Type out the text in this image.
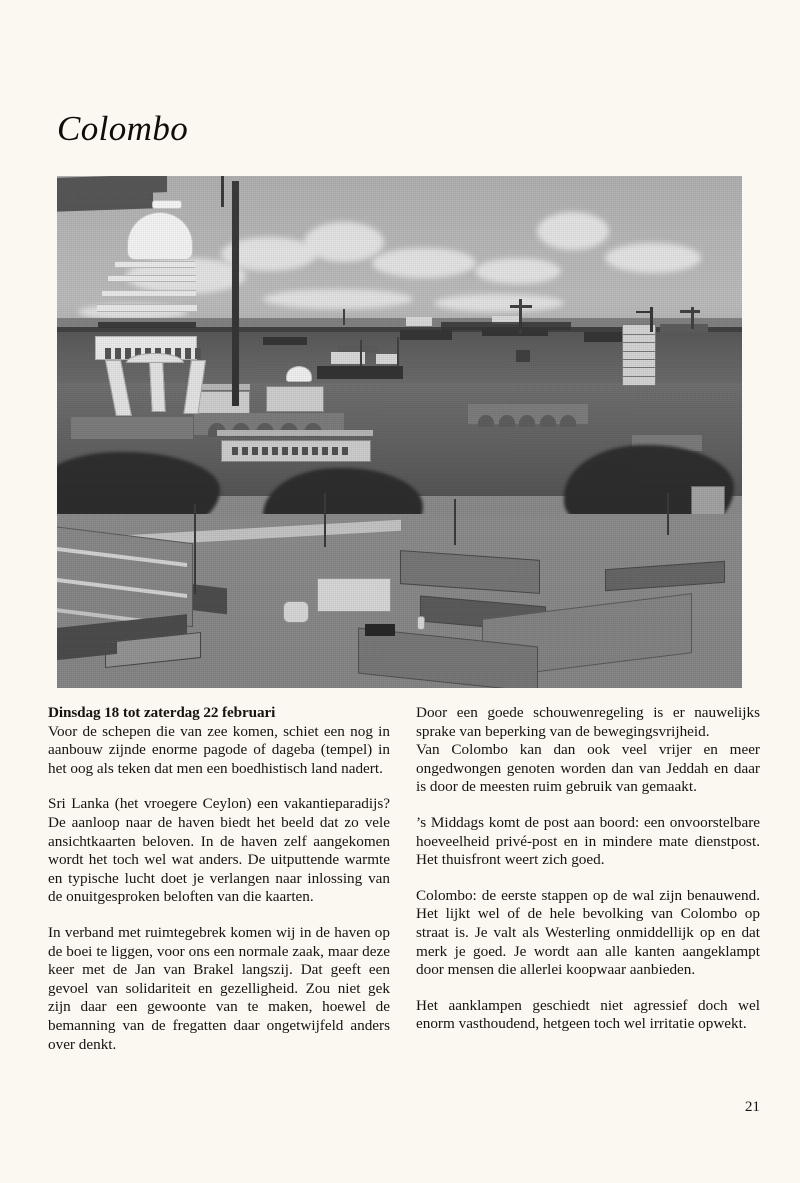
Colombo

Dinsdag 18 tot zaterdag 22 februari
Voor de schepen die van zee komen, schiet een nog in aanbouw zijnde enorme pagode of dageba (tempel) in het oog als teken dat men een boedhistisch land nadert.

Sri Lanka (het vroegere Ceylon) een vakantieparadijs? De aanloop naar de haven biedt het beeld dat zo vele ansichtkaarten beloven. In de haven zelf aangekomen wordt het toch wel wat anders. De uitputtende warmte en typische lucht doet je verlangen naar inlossing van de onuitgesproken beloften van die kaarten.

In verband met ruimtegebrek komen wij in de haven op de boei te liggen, voor ons een normale zaak, maar deze keer met de Jan van Brakel langszij. Dat geeft een gevoel van solidariteit en gezelligheid. Zou niet gek zijn daar een gewoonte van te maken, hoewel de bemanning van de fregatten daar ongetwijfeld anders over denkt.

Door een goede schouwenregeling is er nauwelijks sprake van beperking van de bewegingsvrijheid.

Van Colombo kan dan ook veel vrijer en meer ongedwongen genoten worden dan van Jeddah en daar is door de meesten ruim gebruik van gemaakt.

’s Middags komt de post aan boord: een onvoorstelbare hoeveelheid privé-post en in mindere mate dienstpost. Het thuisfront weert zich goed.

Colombo: de eerste stappen op de wal zijn benauwend. Het lijkt wel of de hele bevolking van Colombo op straat is. Je valt als Westerling onmiddellijk op en dat merk je goed. Je wordt aan alle kanten aangeklampt door mensen die allerlei koopwaar aanbieden.

Het aanklampen geschiedt niet agressief doch wel enorm vasthoudend, hetgeen toch wel irritatie opwekt.

21
